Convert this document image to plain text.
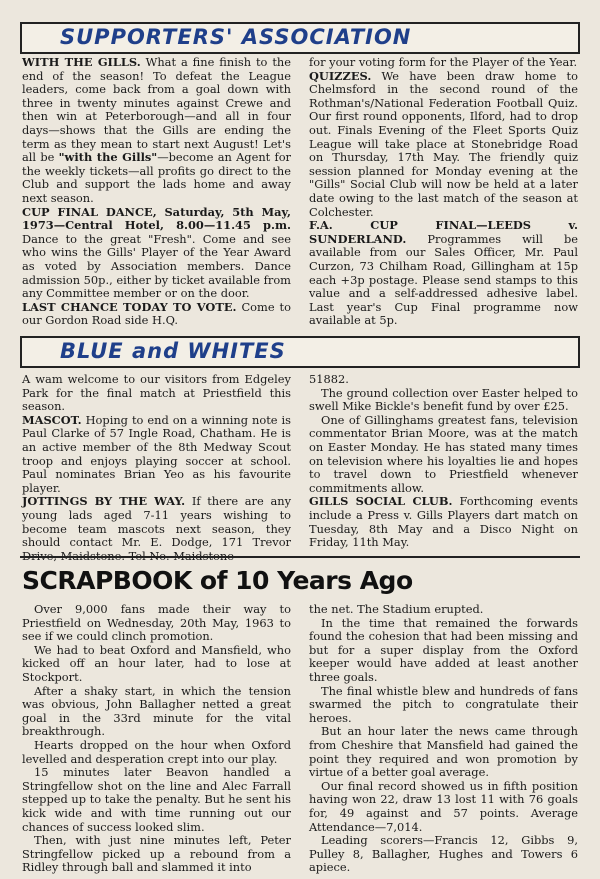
SUPPORTERS' ASSOCIATION

WITH THE GILLS. What a fine finish to the end of the season! To defeat the League leaders, come back from a goal down with three in twenty minutes against Crewe and then win at Peterborough—and all in four days—shows that the Gills are ending the term as they mean to start next August! Let's all be "with the Gills"—become an Agent for the weekly tickets—all profits go direct to the Club and support the lads home and away next season.

CUP FINAL DANCE, Saturday, 5th May, 1973—Central Hotel, 8.00—11.45 p.m. Dance to the great "Fresh". Come and see who wins the Gills' Player of the Year Award as voted by Association members. Dance admission 50p., either by ticket available from any Committee member or on the door.

LAST CHANCE TODAY TO VOTE. Come to our Gordon Road side H.Q.

for your voting form for the Player of the Year.

QUIZZES. We have been draw home to Chelmsford in the second round of the Rothman's/National Federation Football Quiz. Our first round opponents, Ilford, had to drop out. Finals Evening of the Fleet Sports Quiz League will take place at Stonebridge Road on Thursday, 17th May. The friendly quiz session planned for Monday evening at the "Gills" Social Club will now be held at a later date owing to the last match of the season at Colchester.

F.A. CUP FINAL—LEEDS v. SUNDERLAND. Programmes will be available from our Sales Officer, Mr. Paul Curzon, 73 Chilham Road, Gillingham at 15p each +3p postage. Please send stamps to this value and a self-addressed adhesive label. Last year's Cup Final programme now available at 5p.

BLUE and WHITES

A wam welcome to our visitors from Edgeley Park for the final match at Priestfield this season.

MASCOT. Hoping to end on a winning note is Paul Clarke of 57 Ingle Road, Chatham. He is an active member of the 8th Medway Scout troop and enjoys playing soccer at school. Paul nominates Brian Yeo as his favourite player.

JOTTINGS BY THE WAY. If there are any young lads aged 7-11 years wishing to become team mascots next season, they should contact Mr. E. Dodge, 171 Trevor

51882.

The ground collection over Easter helped to swell Mike Bickle's benefit fund by over £25.

One of Gillinghams greatest fans, television commentator Brian Moore, was at the match on Easter Monday. He has stated many times on television where his loyalties lie and hopes to travel down to Priestfield whenever commitments allow.

GILLS SOCIAL CLUB. Forthcoming events include a Press v. Gills Players dart match on Tuesday, 8th May and a Disco Night on Friday, 11th May.

SCRAPBOOK of 10 Years Ago

Over 9,000 fans made their way to Priestfield on Wednesday, 20th May, 1963 to see if we could clinch promotion.

We had to beat Oxford and Mansfield, who kicked off an hour later, had to lose at Stockport.

After a shaky start, in which the tension was obvious, John Ballagher netted a great goal in the 33rd minute for the vital breakthrough.

Hearts dropped on the hour when Oxford levelled and desperation crept into our play.

15 minutes later Beavon handled a Stringfellow shot on the line and Alec Farrall stepped up to take the penalty. But he sent his kick wide and with time running out our chances of success looked slim.

Then, with just nine minutes left, Peter Stringfellow picked up a rebound from a Ridley through ball and slammed it into

the net. The Stadium erupted.

In the time that remained the forwards found the cohesion that had been missing and but for a super display from the Oxford keeper would have added at least another three goals.

The final whistle blew and hundreds of fans swarmed the pitch to congratulate their heroes.

But an hour later the news came through from Cheshire that Mansfield had gained the point they required and won promotion by virtue of a better goal average.

Our final record showed us in fifth position having won 22, draw 13 lost 11 with 76 goals for, 49 against and 57 points. Average Attendance—7,014.

Leading scorers—Francis 12, Gibbs 9, Pulley 8, Ballagher, Hughes and Towers 6 apiece.
